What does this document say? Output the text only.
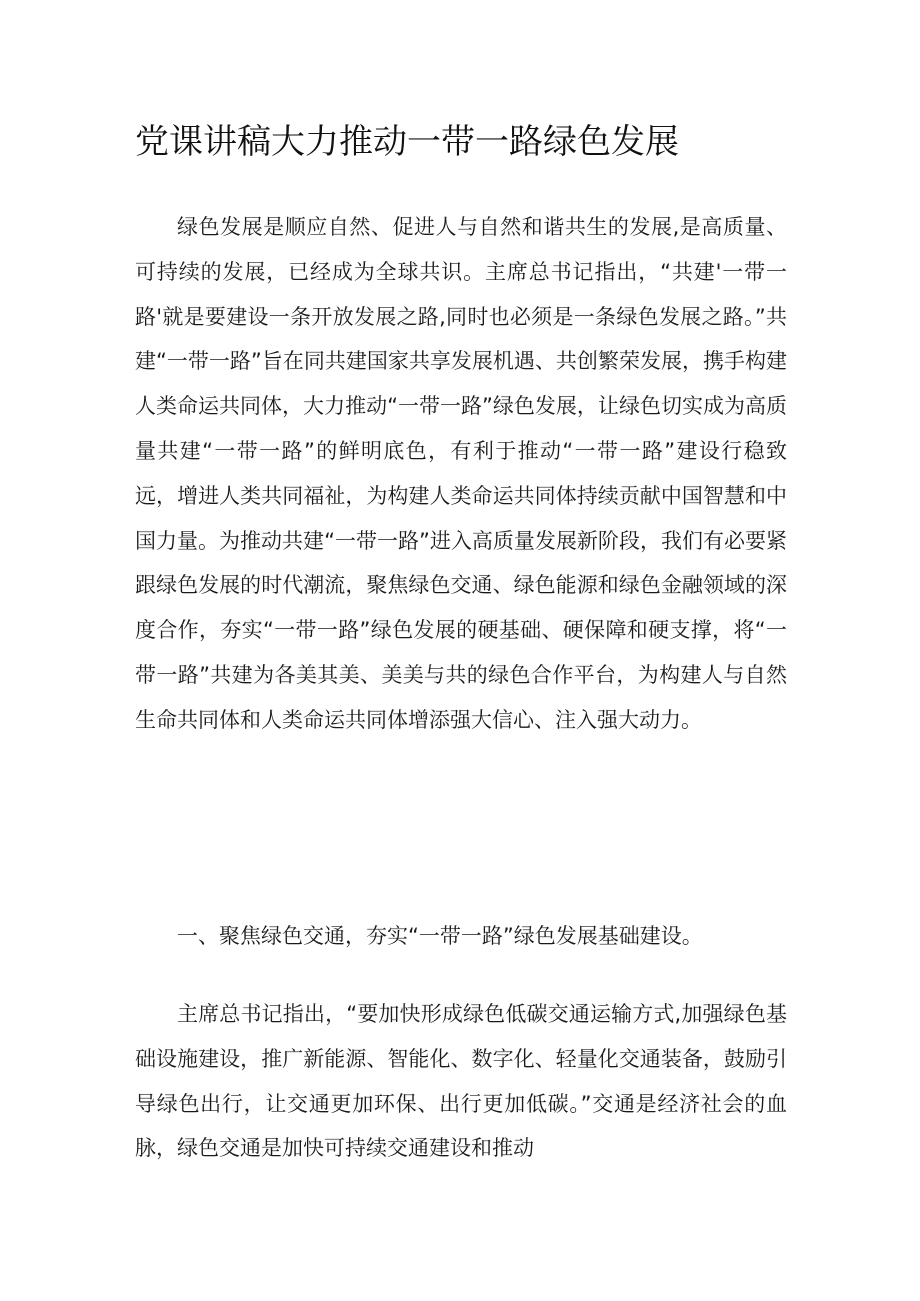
党课讲稿大力推动一带一路绿色发展

绿色发展是顺应自然、促进人与自然和谐共生的发展,是高质量、可持续的发展，已经成为全球共识。主席总书记指出，“共建'一带一路'就是要建设一条开放发展之路,同时也必须是一条绿色发展之路。”共建“一带一路”旨在同共建国家共享发展机遇、共创繁荣发展，携手构建人类命运共同体，大力推动“一带一路”绿色发展，让绿色切实成为高质量共建“一带一路”的鲜明底色，有利于推动“一带一路”建设行稳致远，增进人类共同福祉，为构建人类命运共同体持续贡献中国智慧和中国力量。为推动共建“一带一路”进入高质量发展新阶段，我们有必要紧跟绿色发展的时代潮流，聚焦绿色交通、绿色能源和绿色金融领域的深度合作，夯实“一带一路”绿色发展的硬基础、硬保障和硬支撑，将“一带一路”共建为各美其美、美美与共的绿色合作平台，为构建人与自然生命共同体和人类命运共同体增添强大信心、注入强大动力。

一、聚焦绿色交通，夯实“一带一路”绿色发展基础建设。

主席总书记指出，“要加快形成绿色低碳交通运输方式,加强绿色基础设施建设，推广新能源、智能化、数字化、轻量化交通装备，鼓励引导绿色出行，让交通更加环保、出行更加低碳。”交通是经济社会的血脉，绿色交通是加快可持续交通建设和推动
